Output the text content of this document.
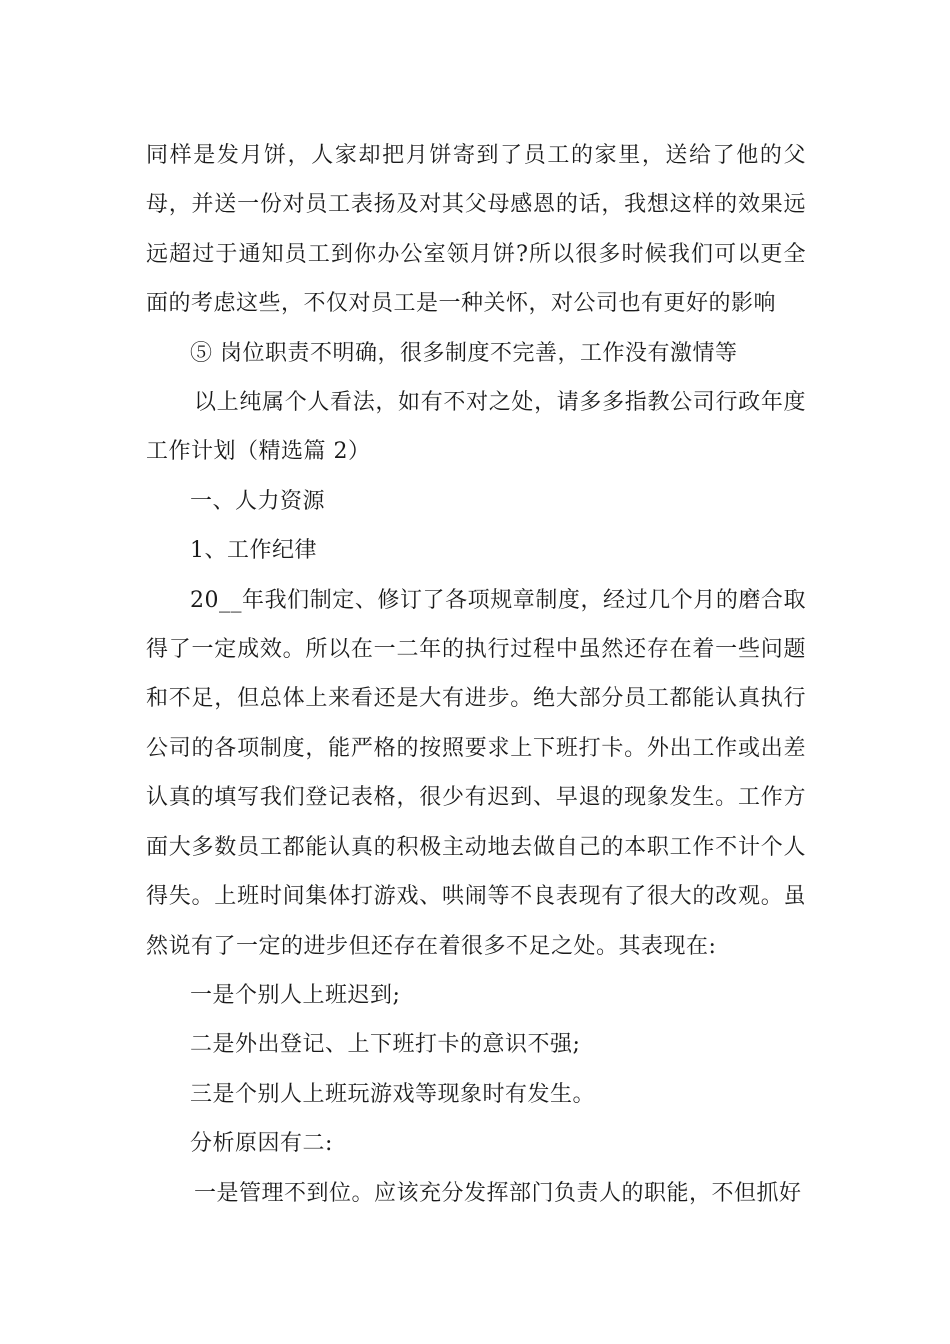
同样是发月饼，人家却把月饼寄到了员工的家里，送给了他的父母，并送一份对员工表扬及对其父母感恩的话，我想这样的效果远远超过于通知员工到你办公室领月饼?所以很多时候我们可以更全面的考虑这些，不仅对员工是一种关怀，对公司也有更好的影响

⑤ 岗位职责不明确，很多制度不完善，工作没有激情等

以上纯属个人看法，如有不对之处，请多多指教公司行政年度工作计划（精选篇 2）

一、人力资源

1、工作纪律

20__年我们制定、修订了各项规章制度，经过几个月的磨合取得了一定成效。所以在一二年的执行过程中虽然还存在着一些问题和不足，但总体上来看还是大有进步。绝大部分员工都能认真执行公司的各项制度，能严格的按照要求上下班打卡。外出工作或出差认真的填写我们登记表格，很少有迟到、早退的现象发生。工作方面大多数员工都能认真的积极主动地去做自己的本职工作不计个人得失。上班时间集体打游戏、哄闹等不良表现有了很大的改观。虽然说有了一定的进步但还存在着很多不足之处。其表现在:

一是个别人上班迟到;

二是外出登记、上下班打卡的意识不强;

三是个别人上班玩游戏等现象时有发生。

分析原因有二:

一是管理不到位。应该充分发挥部门负责人的职能，不但抓好
